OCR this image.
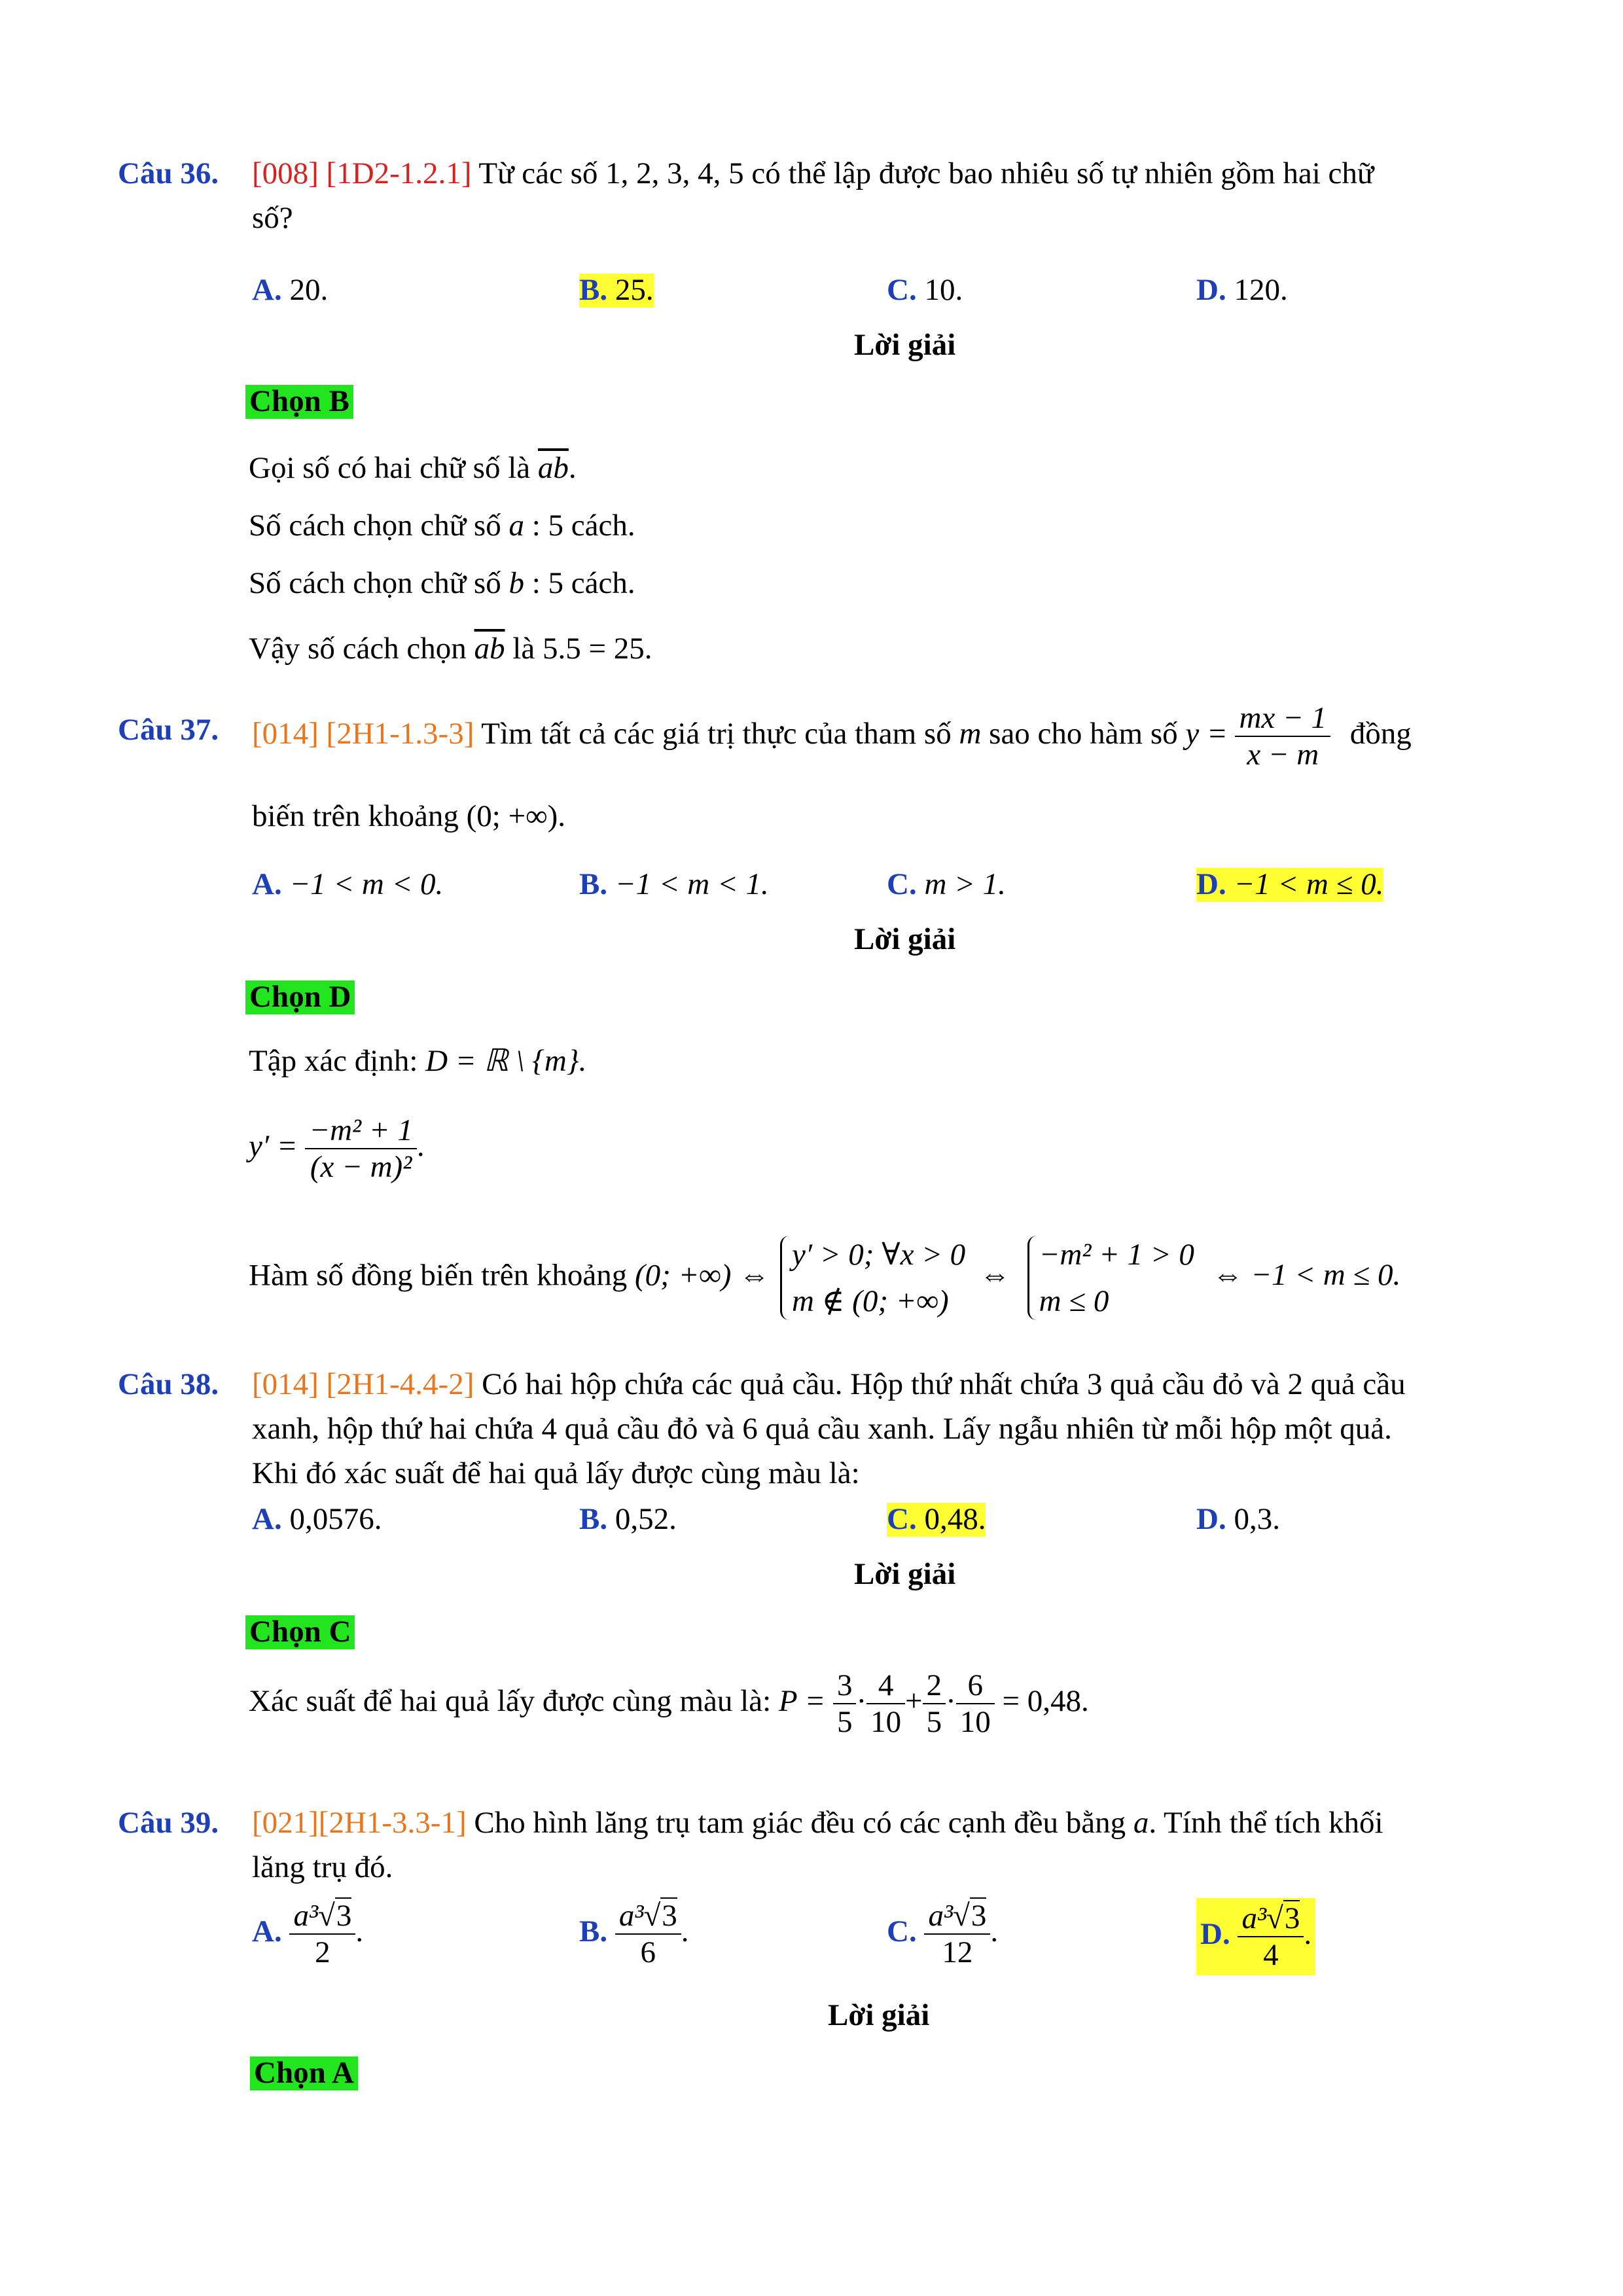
Câu 36. [008] [1D2-1.2.1] Từ các số 1, 2, 3, 4, 5 có thể lập được bao nhiêu số tự nhiên gồm hai chữ
số?
A. 20.	B. 25.	C. 10.	D. 120.
Lời giải
Chọn B
Gọi số có hai chữ số là $\overline{ab}$.
Số cách chọn chữ số a : 5 cách.
Số cách chọn chữ số b : 5 cách.
Vậy số cách chọn $\overline{ab}$ là 5.5 = 25.
Câu 37. [014] [2H1-1.3-3] Tìm tất cả các giá trị thực của tham số m sao cho hàm số $y = \frac{mx - 1}{x - m}$ đồng
biến trên khoảng (0; +∞).
A. −1 < m < 0.	B. −1 < m < 1.	C. m > 1.	D. −1 < m ≤ 0.
Lời giải
Chọn D
Tập xác định: D = ℝ \ {m}.
$y' = \frac{\text{−m² + 1}}{\text{(x − m)²}}$ .
Hàm số đồng biến trên khoảng (0; +∞) ⇔
y′ > 0; ∀x > 0
m ∉ (0; +∞)
⇔
−m² + 1 > 0
m ≤ 0
⇔ −1 < m ≤ 0.
Câu 38. [014] [2H1-4.4-2] Có hai hộp chứa các quả cầu. Hộp thứ nhất chứa 3 quả cầu đỏ và 2 quả cầu
xanh, hộp thứ hai chứa 4 quả cầu đỏ và 6 quả cầu xanh. Lấy ngẫu nhiên từ mỗi hộp một quả.
Khi đó xác suất để hai quả lấy được cùng màu là:
A. 0,0576.	B. 0,52.	C. 0,48.	D. 0,3.
Lời giải
Chọn C
Xác suất để hai quả lấy được cùng màu là: $P = \frac{3}{5} \cdot \frac{4}{10} + \frac{2}{5} \cdot \frac{6}{10} = 0,48$.
Câu 39. [021][2H1-3.3-1] Cho hình lăng trụ tam giác đều có các cạnh đều bằng a. Tính thể tích khối
lăng trụ đó.
A. $\frac{\text{a³√3}}{2}$ .	B. $\frac{\text{a³√3}}{6}$ .	C. $\frac{\text{a³√3}}{12}$ .	D. $\frac{\text{a³√3}}{4}$ .
Lời giải
Chọn A
